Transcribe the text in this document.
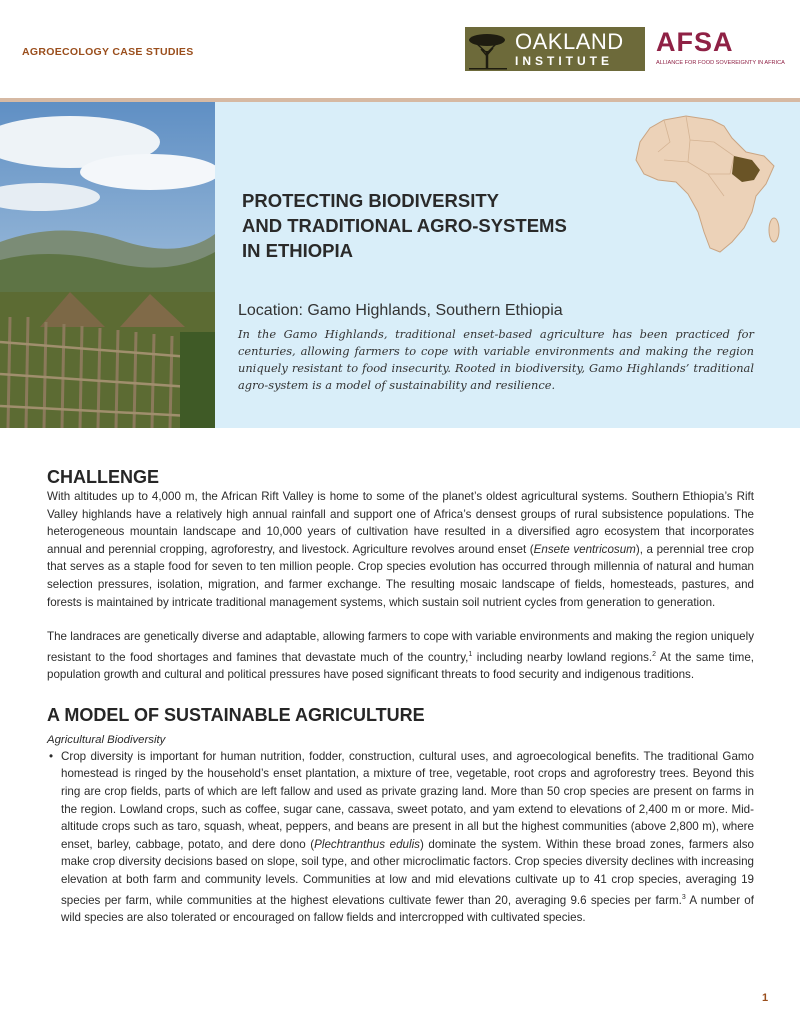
AGROECOLOGY CASE STUDIES	OAKLAND
INSTITUTE
AFSA
ALLIANCE FOR FOOD SOVEREIGNTY IN AFRICA
PROTECTING BIODIVERSITY
AND TRADITIONAL AGRO-SYSTEMS
IN ETHIOPIA
Location: Gamo Highlands, Southern Ethiopia
In the Gamo Highlands, traditional enset-based agriculture has been practiced for centuries, allowing farmers to cope with variable environments and making the region uniquely resistant to food insecurity. Rooted in biodiversity, Gamo Highlands’ traditional agro-system is a model of sustainability and resilience.
CHALLENGE

With altitudes up to 4,000 m, the African Rift Valley is home to some of the planet’s oldest agricultural systems. Southern Ethiopia’s Rift Valley highlands have a relatively high annual rainfall and support one of Africa’s densest groups of rural subsistence populations. The heterogeneous mountain landscape and 10,000 years of cultivation have resulted in a diversified agro ecosystem that incorporates annual and perennial cropping, agroforestry, and livestock. Agriculture revolves around enset (Ensete ventricosum), a perennial tree crop that serves as a staple food for seven to ten million people. Crop species evolution has occurred through millennia of natural and human selection pressures, isolation, migration, and farmer exchange. The resulting mosaic landscape of fields, homesteads, pastures, and forests is maintained by intricate traditional management systems, which sustain soil nutrient cycles from generation to generation.

The landraces are genetically diverse and adaptable, allowing farmers to cope with variable environments and making the region uniquely resistant to the food shortages and famines that devastate much of the country,$^1$ including nearby lowland regions.$^2$ At the same time, population growth and cultural and political pressures have posed significant threats to food security and indigenous traditions.

A MODEL OF SUSTAINABLE AGRICULTURE
Agricultural Biodiversity
• Crop diversity is important for human nutrition, fodder, construction, cultural uses, and agroecological benefits. The traditional Gamo homestead is ringed by the household’s enset plantation, a mixture of tree, vegetable, root crops and agroforestry trees. Beyond this ring are crop fields, parts of which are left fallow and used as private grazing land. More than 50 crop species are present on farms in the region. Lowland crops, such as coffee, sugar cane, cassava, sweet potato, and yam extend to elevations of 2,400 m or more. Mid-altitude crops such as taro, squash, wheat, peppers, and beans are present in all but the highest communities (above 2,800 m), where enset, barley, cabbage, potato, and dere dono (Plechtranthus edulis) dominate the system. Within these broad zones, farmers also make crop diversity decisions based on slope, soil type, and other microclimatic factors. Crop species diversity declines with increasing elevation at both farm and community levels. Communities at low and mid elevations cultivate up to 41 crop species, averaging 19 species per farm, while communities at the highest elevations cultivate fewer than 20, averaging 9.6 species per farm.$^3$ A number of wild species are also tolerated or encouraged on fallow fields and intercropped with cultivated species.

1
